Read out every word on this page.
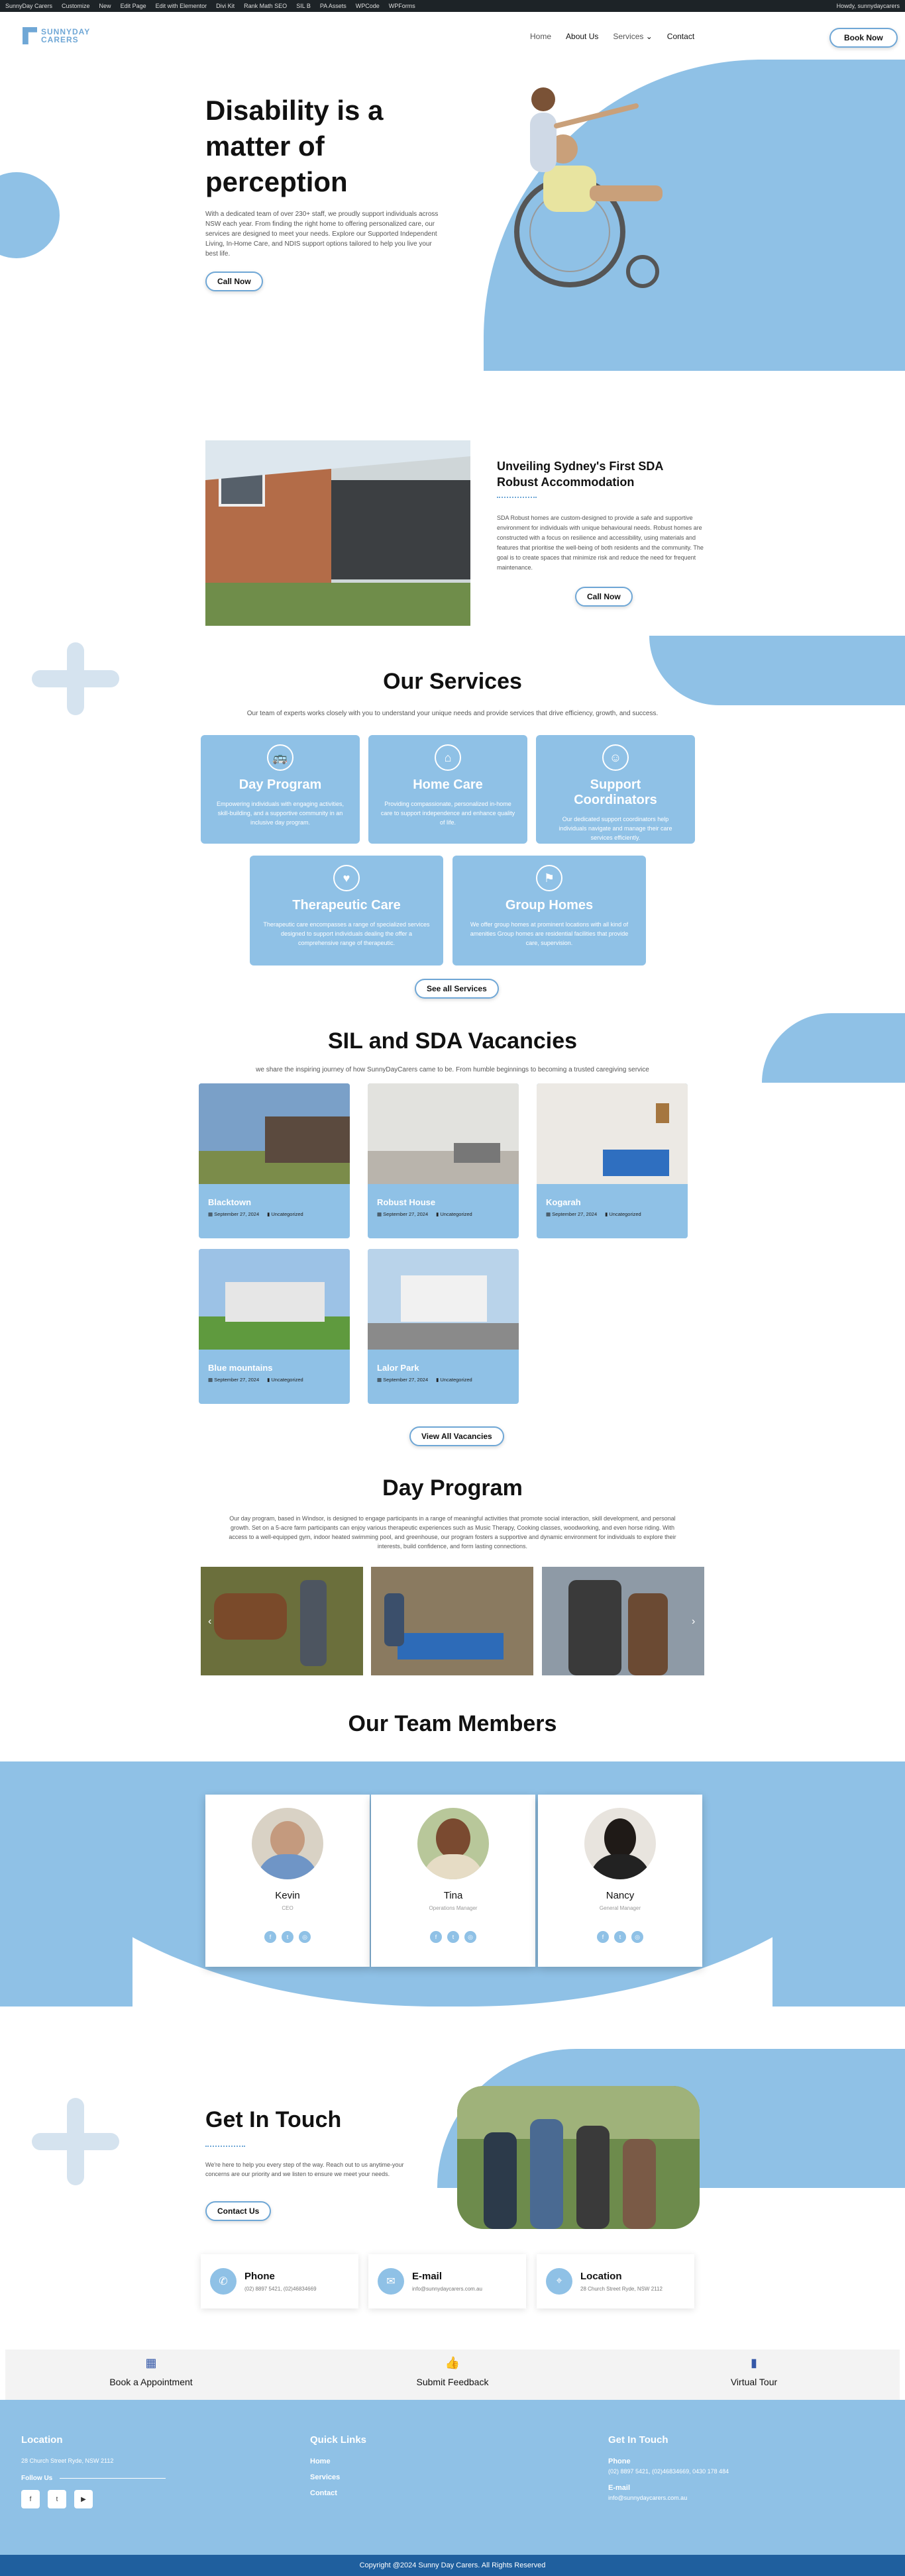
SunnyDay Carers Customize New Edit Page Edit with Elementor Divi Kit Rank Math SEO SIL B PA Assets WPCode WPForms	Howdy, sunnydaycarers
SUNNYDAY
CARERS	Home About Us Services ⌄ Contact	Book Now
Disability is a matter of perception
With a dedicated team of over 230+ staff, we proudly support individuals across NSW each year. From finding the right home to offering personalized care, our services are designed to meet your needs. Explore our Supported Independent Living, In-Home Care, and NDIS support options tailored to help you live your best life.
Call Now
Unveiling Sydney's First SDA Robust Accommodation
SDA Robust homes are custom-designed to provide a safe and supportive environment for individuals with unique behavioural needs. Robust homes are constructed with a focus on resilience and accessibility, using materials and features that prioritise the well-being of both residents and the community. The goal is to create spaces that minimize risk and reduce the need for frequent maintenance.
Call Now
Our Services
Our team of experts works closely with you to understand your unique needs and provide services that drive efficiency, growth, and success.
🚌
Day Program

Empowering individuals with engaging activities, skill-building, and a supportive community in an inclusive day program.

⌂
Home Care

Providing compassionate, personalized in-home care to support independence and enhance quality of life.

☺
Support Coordinators

Our dedicated support coordinators help individuals navigate and manage their care services efficiently.

♥
Therapeutic Care

Therapeutic care encompasses a range of specialized services designed to support individuals dealing the offer a comprehensive range of therapeutic.

⚑
Group Homes

We offer group homes at prominent locations with all kind of amenities Group homes are residential facilities that provide care, supervision.

See all Services
SIL and SDA Vacancies
we share the inspiring journey of how SunnyDayCarers came to be. From humble beginnings to becoming a trusted caregiving service
Blacktown
▦ September 27, 2024 ▮ Uncategorized
Robust House
▦ September 27, 2024 ▮ Uncategorized
Kogarah
▦ September 27, 2024 ▮ Uncategorized
Blue mountains
▦ September 27, 2024 ▮ Uncategorized
Lalor Park
▦ September 27, 2024 ▮ Uncategorized
View All Vacancies
Day Program
Our day program, based in Windsor, is designed to engage participants in a range of meaningful activities that promote social interaction, skill development, and personal growth. Set on a 5-acre farm participants can enjoy various therapeutic experiences such as Music Therapy, Cooking classes, woodworking, and even horse riding. With access to a well-equipped gym, indoor heated swimming pool, and greenhouse, our program fosters a supportive and dynamic environment for individuals to explore their interests, build confidence, and form lasting connections.
‹	›
Our Team Members
Kevin
CEO
f	t	◎
Tina
Operations Manager
f	t	◎
Nancy
General Manager
f	t	◎
Get In Touch
We're here to help you every step of the way. Reach out to us anytime-your concerns are our priority and we listen to ensure we meet your needs.
Contact Us
✆	Phone

(02) 8897 5421, (02)46834669

✉	E-mail

info@sunnydaycarers.com.au

⌖	Location

28 Church Street Ryde, NSW 2112

▦

Book a Appointment

👍

Submit Feedback

▮

Virtual Tour

Location

28 Church Street Ryde, NSW 2112

Follow Us

f	t	▶
Quick Links

Home

Services

Contact

Get In Touch

Phone

(02) 8897 5421, (02)46834669, 0430 178 484

E-mail

info@sunnydaycarers.com.au

Copyright @2024 Sunny Day Carers. All Rights Reserved
